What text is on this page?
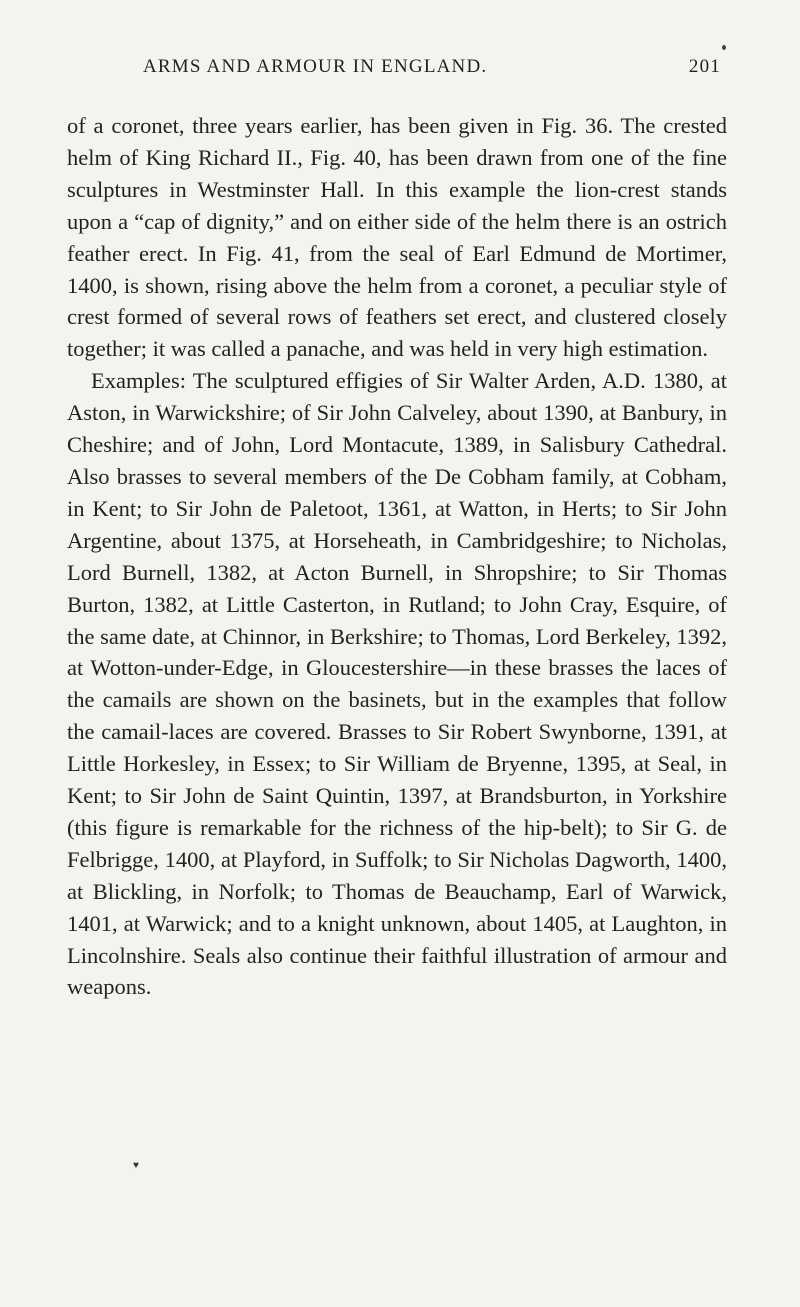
ARMS AND ARMOUR IN ENGLAND.	201

of a coronet, three years earlier, has been given in Fig. 36. The crested helm of King Richard II., Fig. 40, has been drawn from one of the fine sculptures in Westminster Hall. In this example the lion-crest stands upon a “cap of dignity,” and on either side of the helm there is an ostrich feather erect. In Fig. 41, from the seal of Earl Edmund de Mortimer, 1400, is shown, rising above the helm from a coronet, a peculiar style of crest formed of several rows of feathers set erect, and clustered closely together; it was called a panache, and was held in very high estimation.

Examples: The sculptured effigies of Sir Walter Arden, A.D. 1380, at Aston, in Warwickshire; of Sir John Calveley, about 1390, at Banbury, in Cheshire; and of John, Lord Montacute, 1389, in Salisbury Cathedral. Also brasses to several members of the De Cobham family, at Cobham, in Kent; to Sir John de Paletoot, 1361, at Watton, in Herts; to Sir John Argentine, about 1375, at Horseheath, in Cambridgeshire; to Nicholas, Lord Burnell, 1382, at Acton Burnell, in Shropshire; to Sir Thomas Burton, 1382, at Little Casterton, in Rutland; to John Cray, Esquire, of the same date, at Chinnor, in Berkshire; to Thomas, Lord Berkeley, 1392, at Wotton-under-Edge, in Gloucestershire—in these brasses the laces of the camails are shown on the basinets, but in the examples that follow the camail-laces are covered. Brasses to Sir Robert Swynborne, 1391, at Little Horkesley, in Essex; to Sir William de Bryenne, 1395, at Seal, in Kent; to Sir John de Saint Quintin, 1397, at Brandsburton, in Yorkshire (this figure is remarkable for the richness of the hip-belt); to Sir G. de Felbrigge, 1400, at Playford, in Suffolk; to Sir Nicholas Dagworth, 1400, at Blickling, in Norfolk; to Thomas de Beauchamp, Earl of Warwick, 1401, at Warwick; and to a knight unknown, about 1405, at Laughton, in Lincolnshire. Seals also continue their faithful illustration of armour and weapons.

♥
